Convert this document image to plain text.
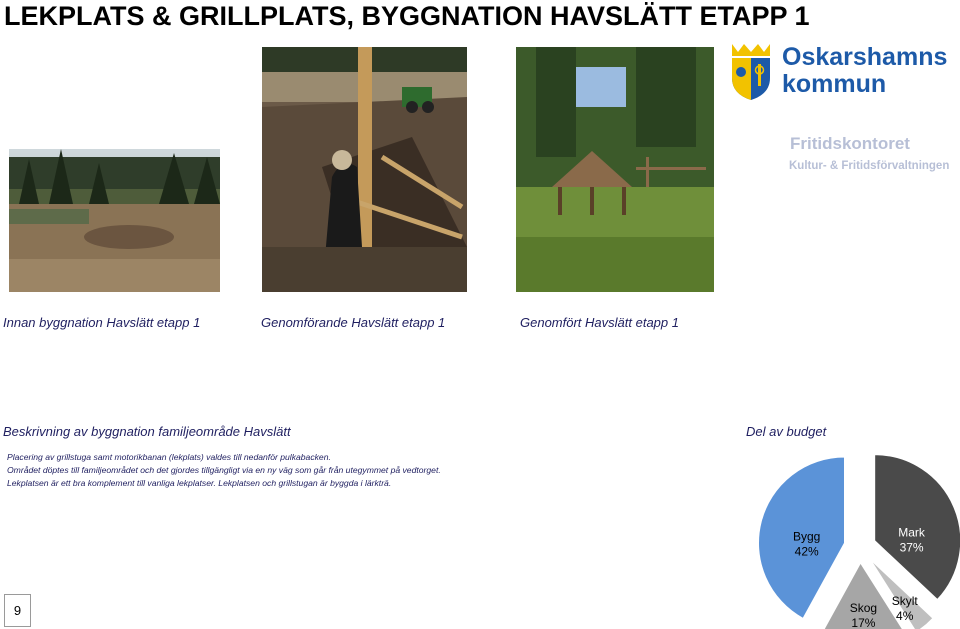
LEKPLATS & GRILLPLATS, BYGGNATION HAVSLÄTT ETAPP 1
Oskarshamns
kommun
Fritidskontoret
Kultur- & Fritidsförvaltningen
Innan byggnation Havslätt etapp 1	Genomförande Havslätt etapp 1	Genomfört Havslätt etapp 1
Beskrivning av byggnation familjeområde Havslätt
Placering av grillstuga samt motorikbanan (lekplats) valdes till nedanför pulkabacken.
Området döptes till familjeområdet och det gjordes tillgängligt via en ny väg som går från utegymmet på vedtorget.
Lekplatsen är ett bra komplement till vanliga lekplatser. Lekplatsen och grillstugan är byggda i lärkträ.
Del av budget
Bygg
42%
Mark
37%
Skylt
4%
Skog
17%
9
